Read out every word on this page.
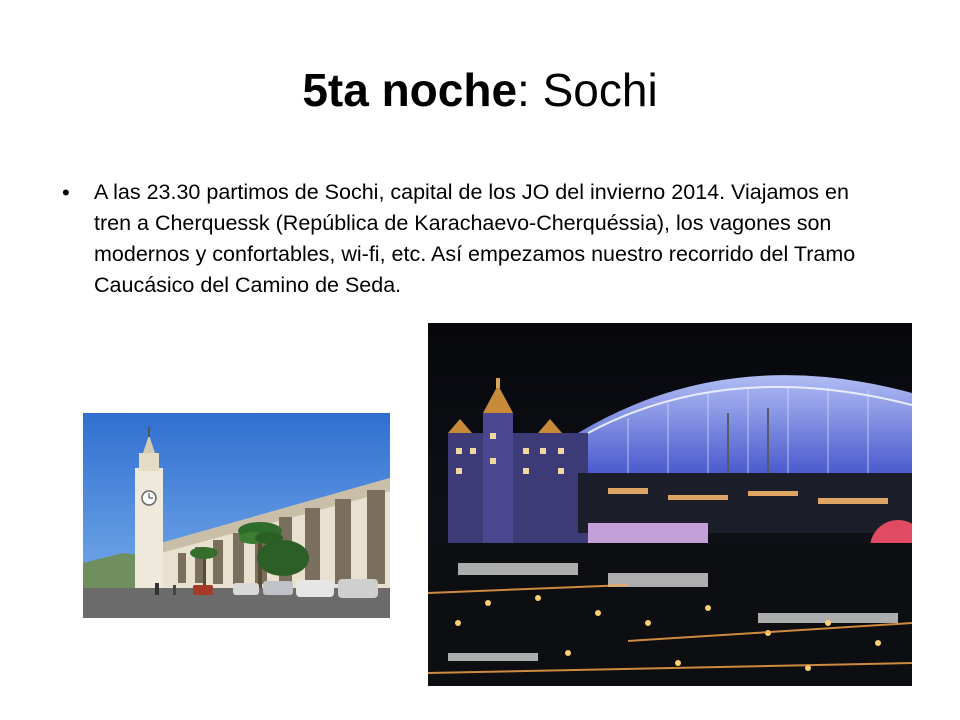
5ta noche: Sochi
•	A las 23.30 partimos de Sochi, capital de los JO del invierno 2014. Viajamos en tren a Cherquessk (República de Karachaevo-Cherquéssia), los vagones son modernos y confortables, wi-fi, etc. Así empezamos nuestro recorrido del Tramo Caucásico del Camino de Seda.
